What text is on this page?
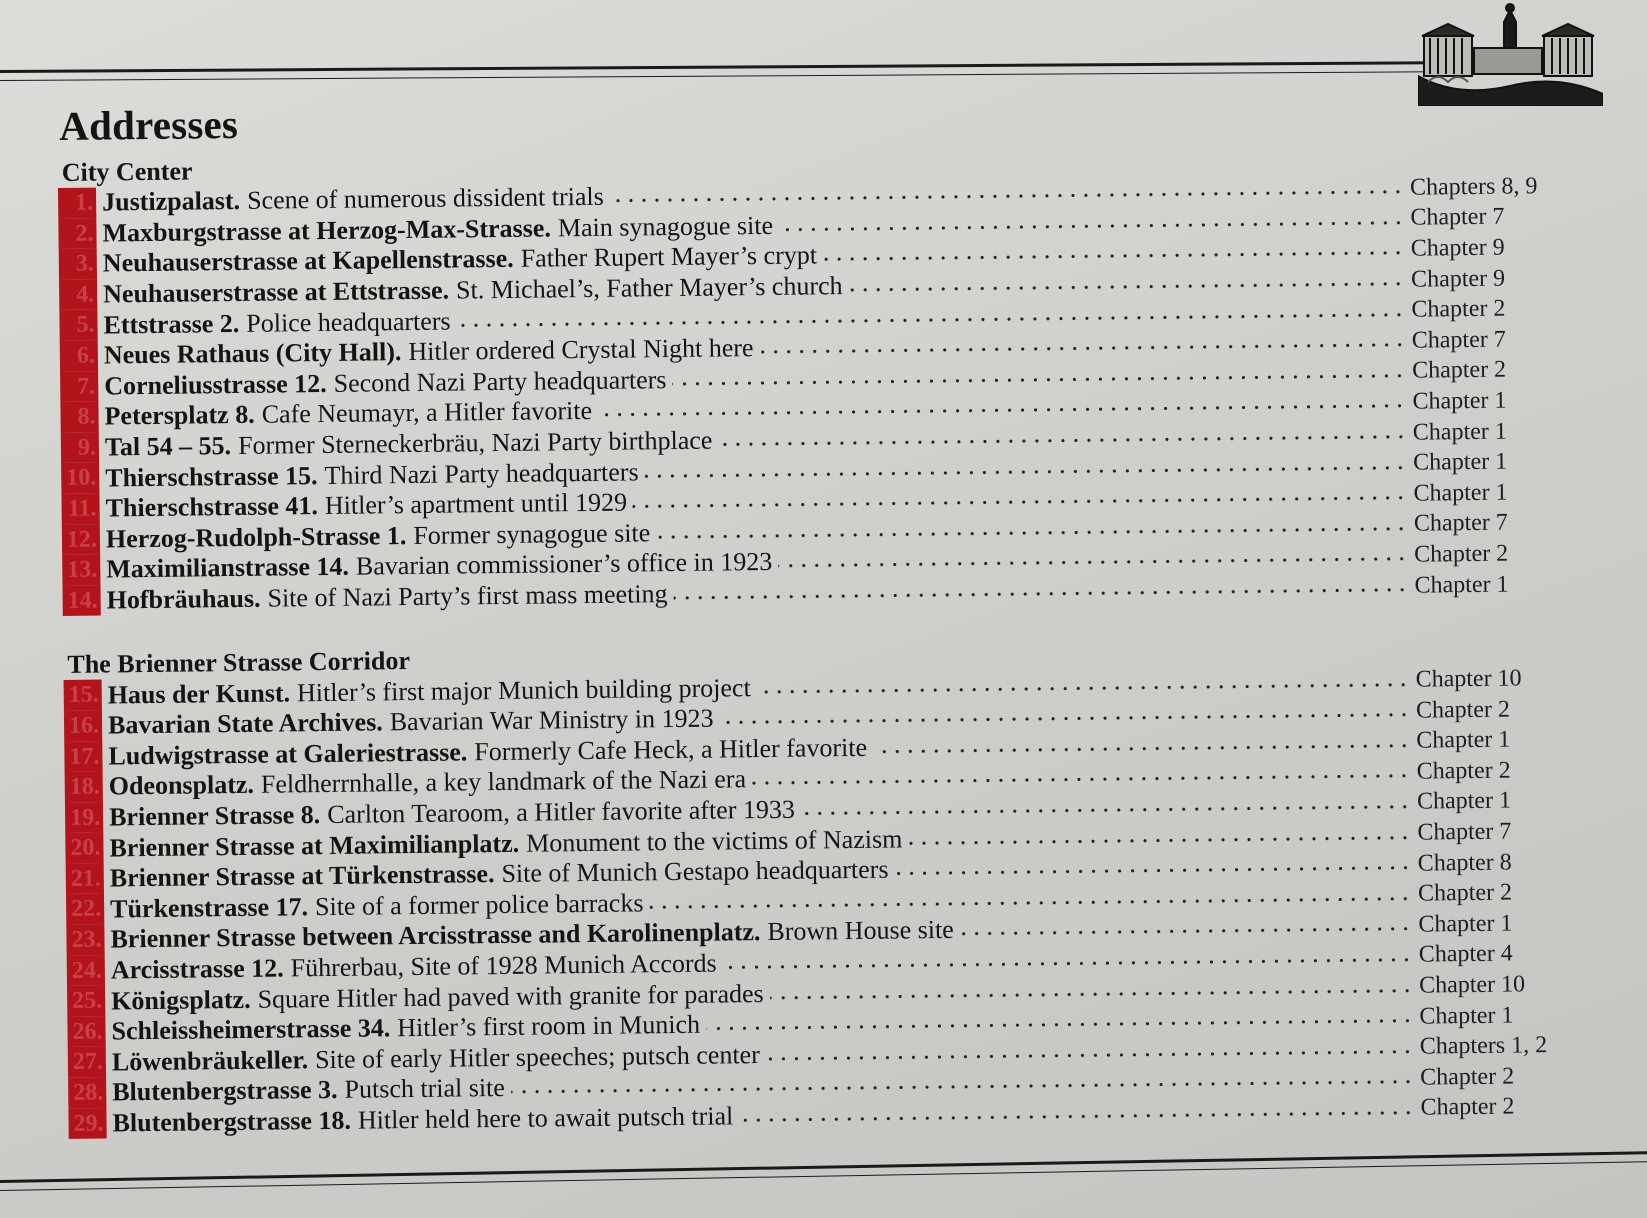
Addresses
City Center
1. Justizpalast. Scene of numerous dissident trials	Chapters 8, 9
2. Maxburgstrasse at Herzog-Max-Strasse. Main synagogue site	Chapter 7
3. Neuhauserstrasse at Kapellenstrasse. Father Rupert Mayer’s crypt	Chapter 9
4. Neuhauserstrasse at Ettstrasse. St. Michael’s, Father Mayer’s church	Chapter 9
5. Ettstrasse 2. Police headquarters	Chapter 2
6. Neues Rathaus (City Hall). Hitler ordered Crystal Night here	Chapter 7
7. Corneliusstrasse 12. Second Nazi Party headquarters	Chapter 2
8. Petersplatz 8. Cafe Neumayr, a Hitler favorite	Chapter 1
9. Tal 54 – 55. Former Sterneckerbräu, Nazi Party birthplace	Chapter 1
10. Thierschstrasse 15. Third Nazi Party headquarters	Chapter 1
11. Thierschstrasse 41. Hitler’s apartment until 1929	Chapter 1
12. Herzog-Rudolph-Strasse 1. Former synagogue site	Chapter 7
13. Maximilianstrasse 14. Bavarian commissioner’s office in 1923	Chapter 2
14. Hofbräuhaus. Site of Nazi Party’s first mass meeting	Chapter 1
The Brienner Strasse Corridor
15. Haus der Kunst. Hitler’s first major Munich building project	Chapter 10
16. Bavarian State Archives. Bavarian War Ministry in 1923	Chapter 2
17. Ludwigstrasse at Galeriestrasse. Formerly Cafe Heck, a Hitler favorite	Chapter 1
18. Odeonsplatz. Feldherrnhalle, a key landmark of the Nazi era	Chapter 2
19. Brienner Strasse 8. Carlton Tearoom, a Hitler favorite after 1933	Chapter 1
20. Brienner Strasse at Maximilianplatz. Monument to the victims of Nazism	Chapter 7
21. Brienner Strasse at Türkenstrasse. Site of Munich Gestapo headquarters	Chapter 8
22. Türkenstrasse 17. Site of a former police barracks	Chapter 2
23. Brienner Strasse between Arcisstrasse and Karolinenplatz. Brown House site	Chapter 1
24. Arcisstrasse 12. Führerbau, Site of 1928 Munich Accords	Chapter 4
25. Königsplatz. Square Hitler had paved with granite for parades	Chapter 10
26. Schleissheimerstrasse 34. Hitler’s first room in Munich	Chapter 1
27. Löwenbräukeller. Site of early Hitler speeches; putsch center	Chapters 1, 2
28. Blutenbergstrasse 3. Putsch trial site	Chapter 2
29. Blutenbergstrasse 18. Hitler held here to await putsch trial	Chapter 2
